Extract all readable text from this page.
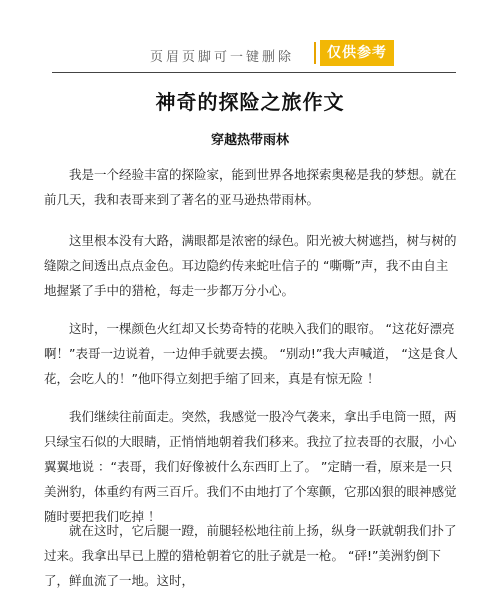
页眉页脚可一键删除	仅供参考
神奇的探险之旅作文
穿越热带雨林

我是一个经验丰富的探险家，能到世界各地探索奥秘是我的梦想。就在前几天，我和表哥来到了著名的亚马逊热带雨林。

这里根本没有大路，满眼都是浓密的绿色。阳光被大树遮挡，树与树的缝隙之间透出点点金色。耳边隐约传来蛇吐信子的 “嘶嘶”声，我不由自主地握紧了手中的猎枪，每走一步都万分小心。

这时，一棵颜色火红却又长势奇特的花映入我们的眼帘。 “这花好漂亮啊！”表哥一边说着，一边伸手就要去摸。 “别动!”我大声喊道， “这是食人花，会吃人的！”他吓得立刻把手缩了回来，真是有惊无险 ！

我们继续往前面走。突然，我感觉一股冷气袭来，拿出手电筒一照，两只绿宝石似的大眼睛，正悄悄地朝着我们移来。我拉了拉表哥的衣服，小心翼翼地说 ：“表哥，我们好像被什么东西盯上了。 ”定睛一看，原来是一只美洲豹，体重约有两三百斤。我们不由地打了个寒颤，它那凶狠的眼神感觉随时要把我们吃掉 ！

就在这时，它后腿一蹬，前腿轻松地往前上扬，纵身一跃就朝我们扑了过来。我拿出早已上膛的猎枪朝着它的肚子就是一枪。 “砰!”美洲豹倒下了，鲜血流了一地。这时，
